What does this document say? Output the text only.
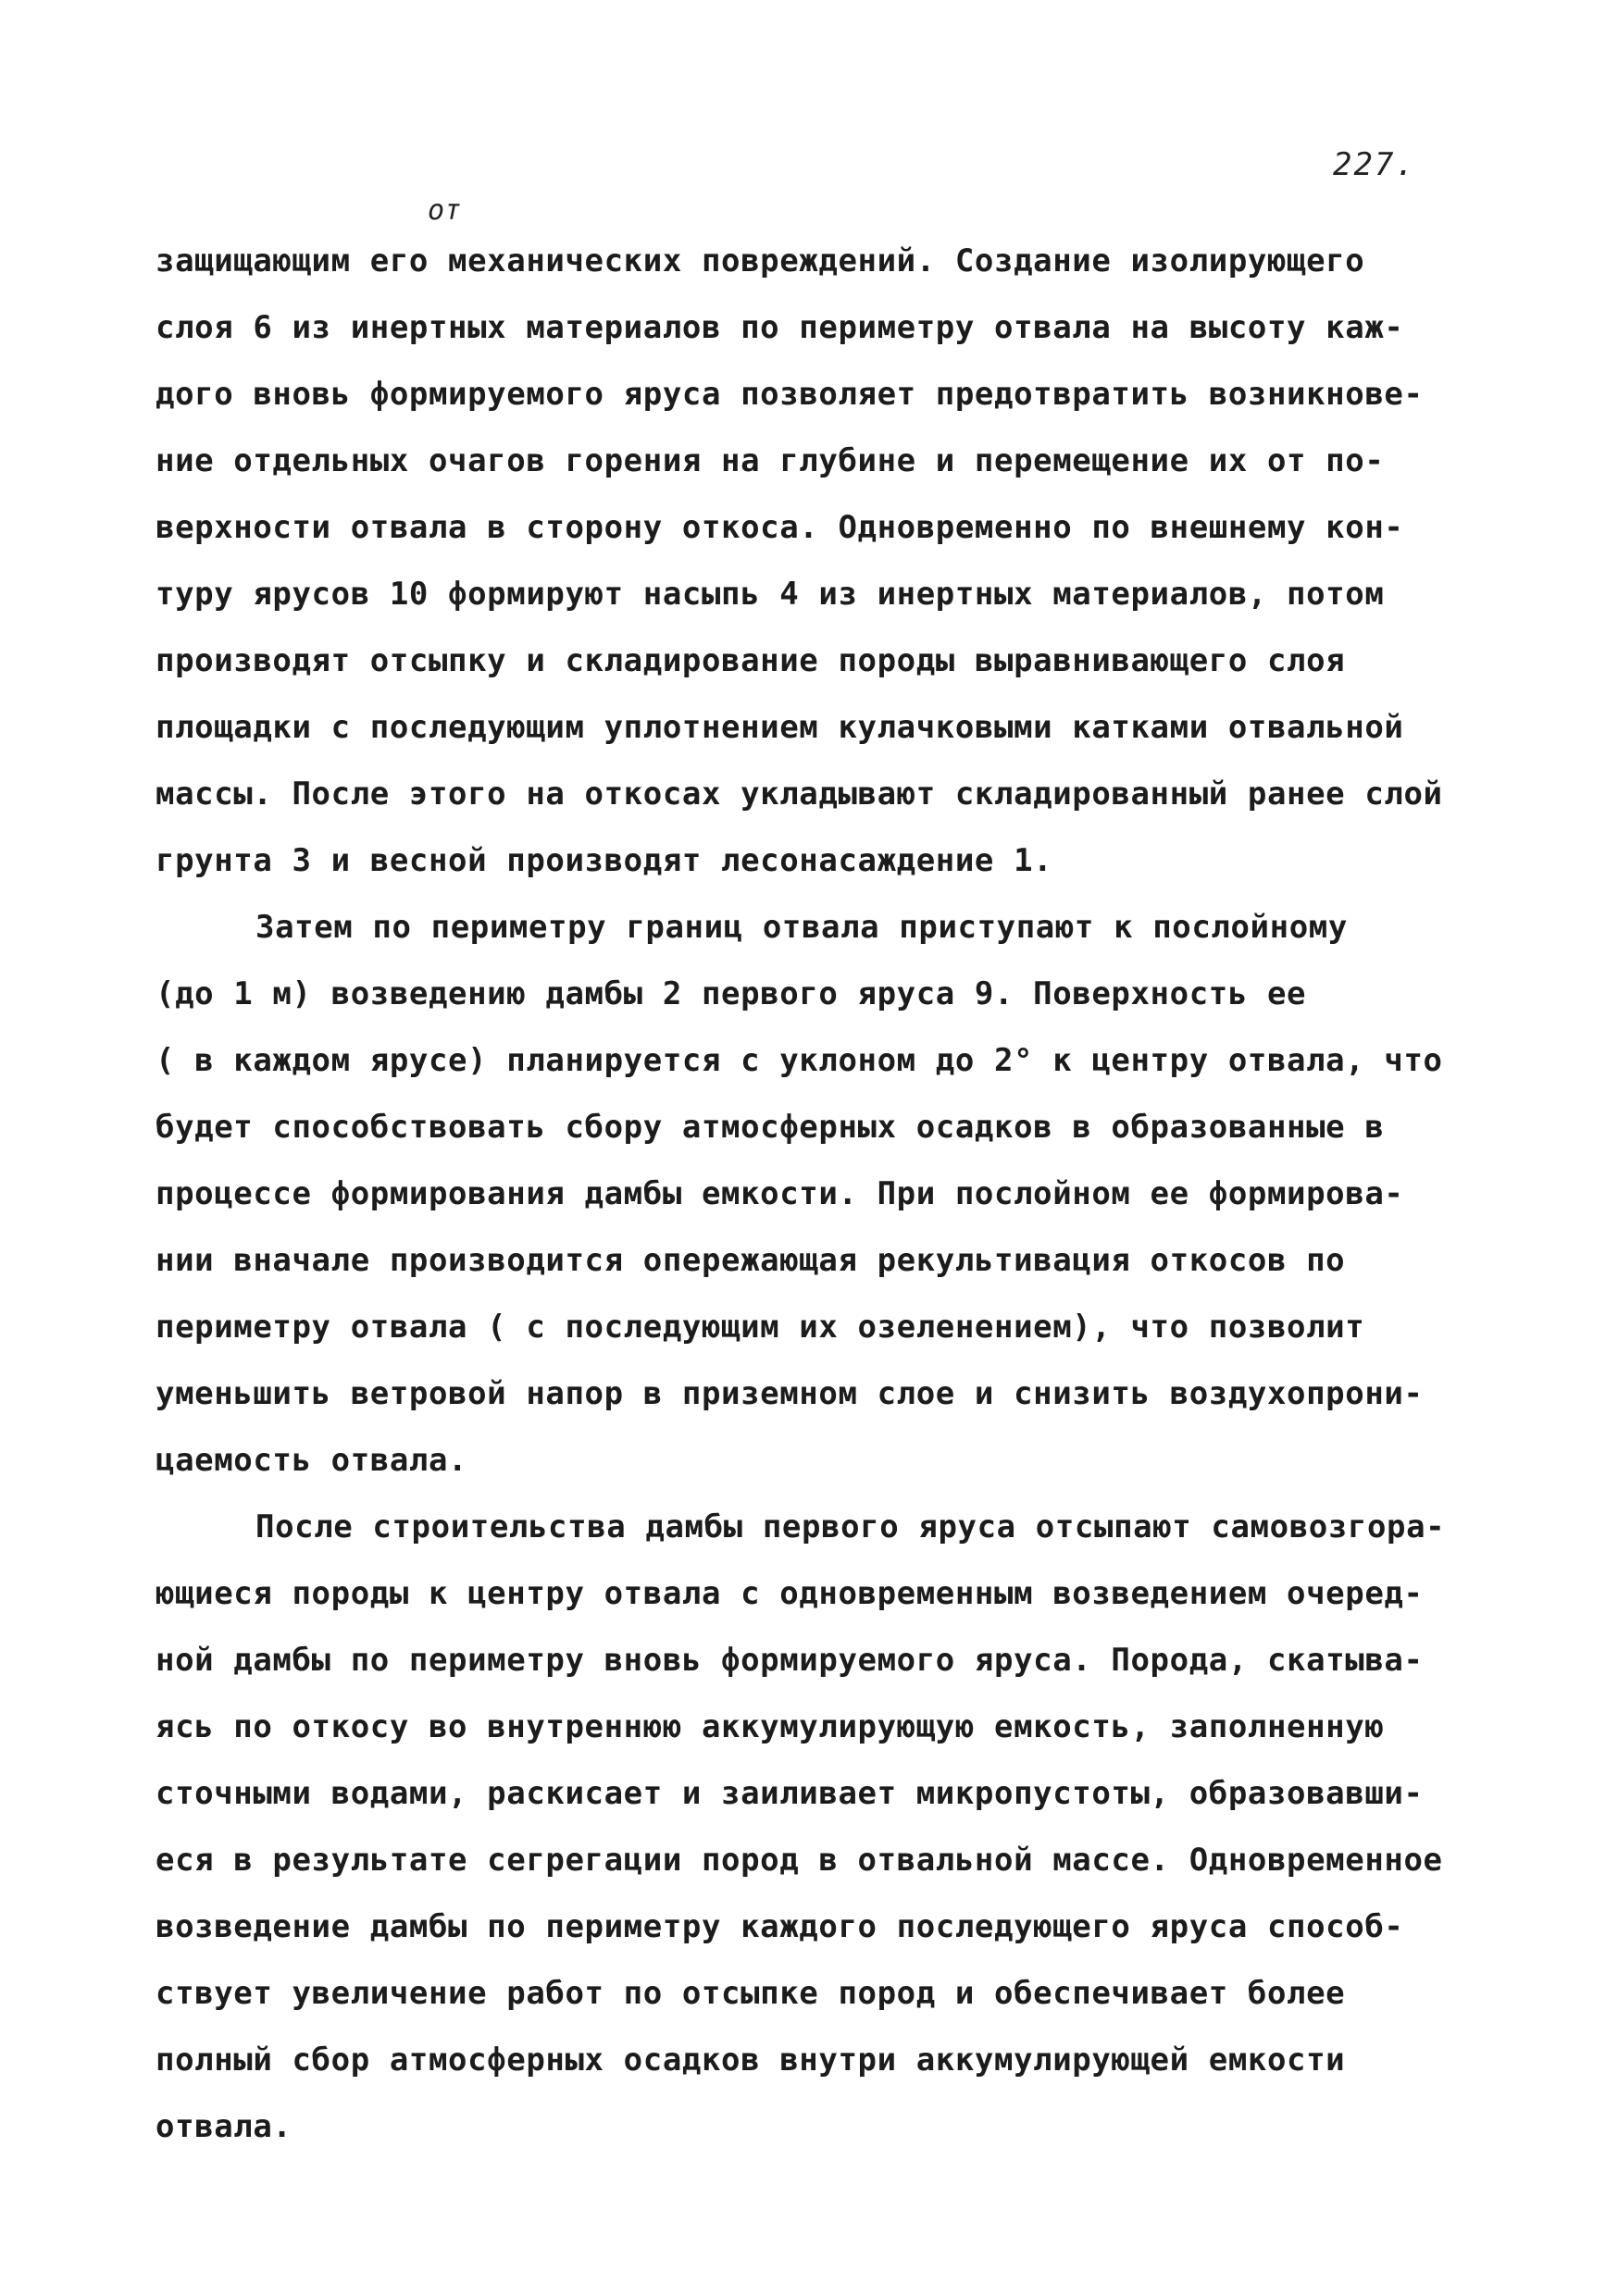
227.
от
защищающим его механических повреждений. Создание изолирующего
слоя 6 из инертных материалов по периметру отвала на высоту каж-
дого вновь формируемого яруса позволяет предотвратить возникнове-
ние отдельных очагов горения на глубине и перемещение их от по-
верхности отвала в сторону откоса. Одновременно по внешнему кон-
туру ярусов 10 формируют насыпь 4 из инертных материалов, потом
производят отсыпку и складирование породы выравнивающего слоя
площадки с последующим уплотнением кулачковыми катками отвальной
массы. После этого на откосах укладывают складированный ранее слой
грунта 3 и весной производят лесонасаждение 1.
Затем по периметру границ отвала приступают к послойному
(до 1 м) возведению дамбы 2 первого яруса 9. Поверхность ее
( в каждом ярусе) планируется с уклоном до 2° к центру отвала, что
будет способствовать сбору атмосферных осадков в образованные в
процессе формирования дамбы емкости. При послойном ее формирова-
нии вначале производится опережающая рекультивация откосов по
периметру отвала ( с последующим их озеленением), что позволит
уменьшить ветровой напор в приземном слое и снизить воздухопрони-
цаемость отвала.
После строительства дамбы первого яруса отсыпают самовозгора-
ющиеся породы к центру отвала с одновременным возведением очеред-
ной дамбы по периметру вновь формируемого яруса. Порода, скатыва-
ясь по откосу во внутреннюю аккумулирующую емкость, заполненную
сточными водами, раскисает и заиливает микропустоты, образовавши-
еся в результате сегрегации пород в отвальной массе. Одновременное
возведение дамбы по периметру каждого последующего яруса способ-
ствует увеличение работ по отсыпке пород и обеспечивает более
полный сбор атмосферных осадков внутри аккумулирующей емкости
отвала.
